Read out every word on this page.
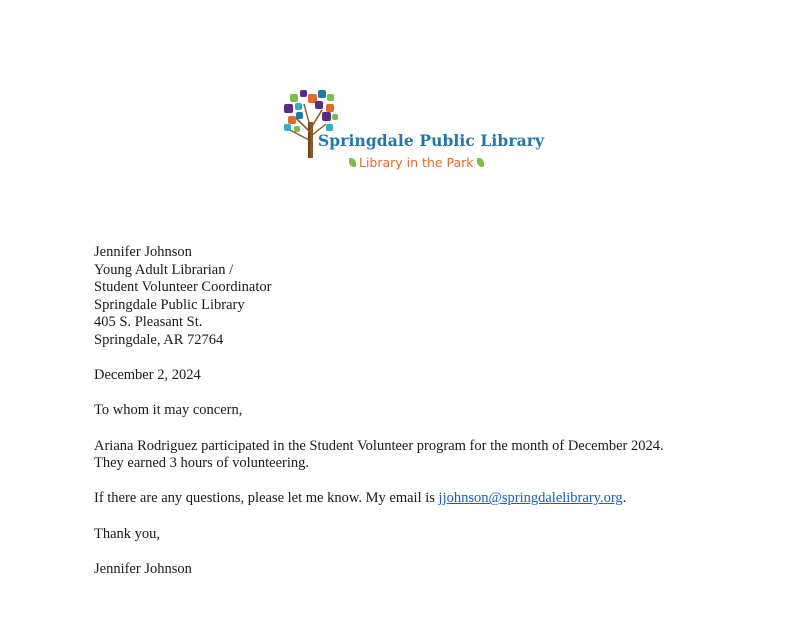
Springdale Public Library
Library in the Park

Jennifer Johnson

Young Adult Librarian /

Student Volunteer Coordinator

Springdale Public Library

405 S. Pleasant St.

Springdale, AR 72764

December 2, 2024

To whom it may concern,

Ariana Rodriguez participated in the Student Volunteer program for the month of December 2024.

They earned 3 hours of volunteering.

If there are any questions, please let me know. My email is jjohnson@springdalelibrary.org.

Thank you,

Jennifer Johnson
